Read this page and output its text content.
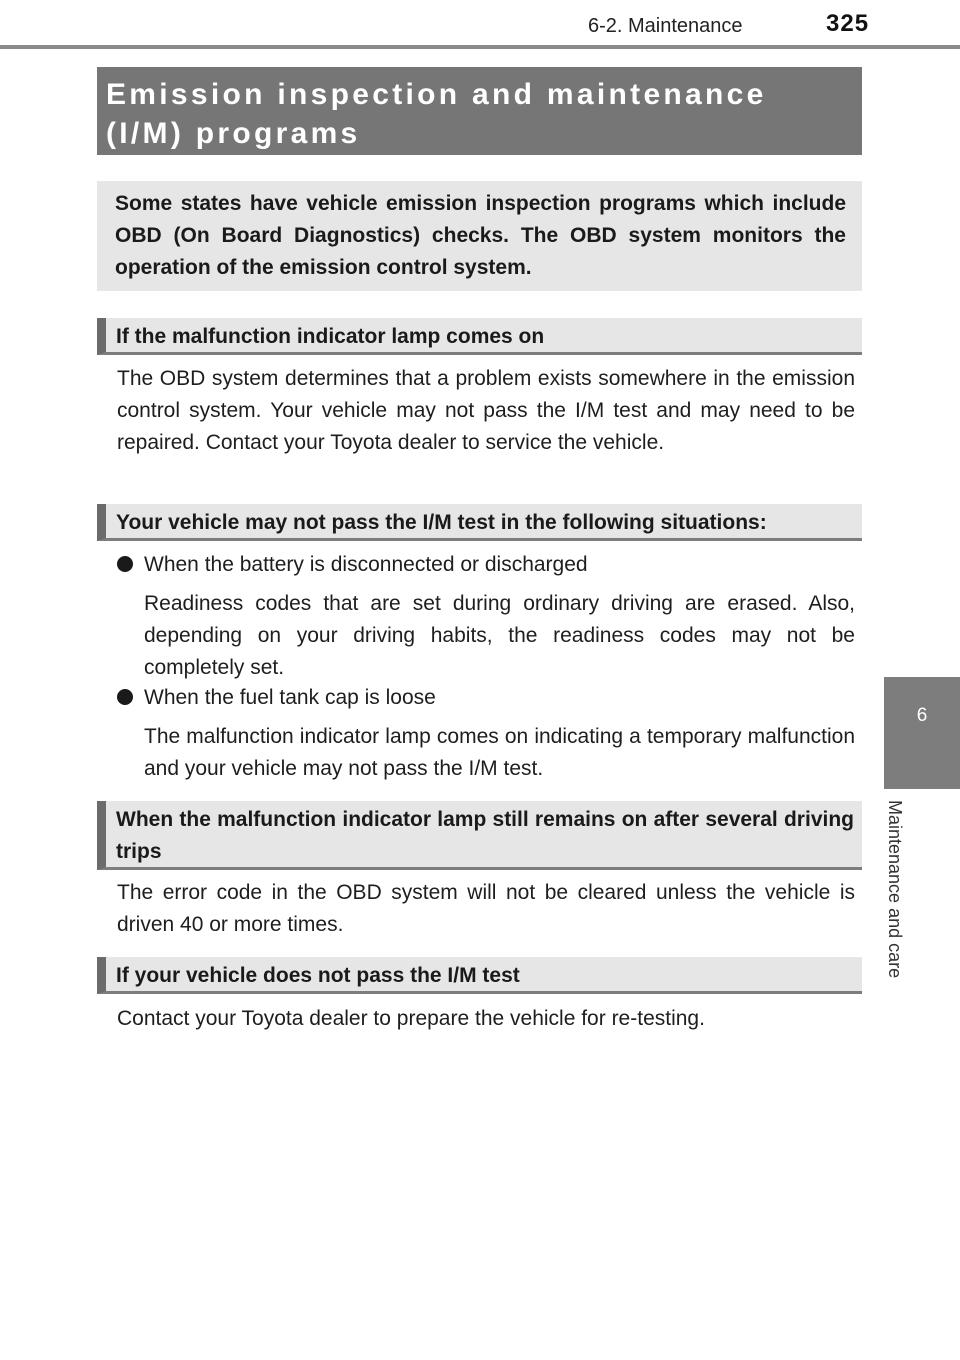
6-2. Maintenance	325
Emission inspection and maintenance (I/M) programs
Some states have vehicle emission inspection programs which include OBD (On Board Diagnostics) checks. The OBD system monitors the operation of the emission control system.
If the malfunction indicator lamp comes on
The OBD system determines that a problem exists somewhere in the emission control system. Your vehicle may not pass the I/M test and may need to be repaired. Contact your Toyota dealer to service the vehicle.
Your vehicle may not pass the I/M test in the following situations:
When the battery is disconnected or discharged
Readiness codes that are set during ordinary driving are erased. Also, depending on your driving habits, the readiness codes may not be completely set.
When the fuel tank cap is loose
The malfunction indicator lamp comes on indicating a temporary malfunction and your vehicle may not pass the I/M test.
When the malfunction indicator lamp still remains on after several driving trips
The error code in the OBD system will not be cleared unless the vehicle is driven 40 or more times.
If your vehicle does not pass the I/M test
Contact your Toyota dealer to prepare the vehicle for re-testing.
6
Maintenance and care
